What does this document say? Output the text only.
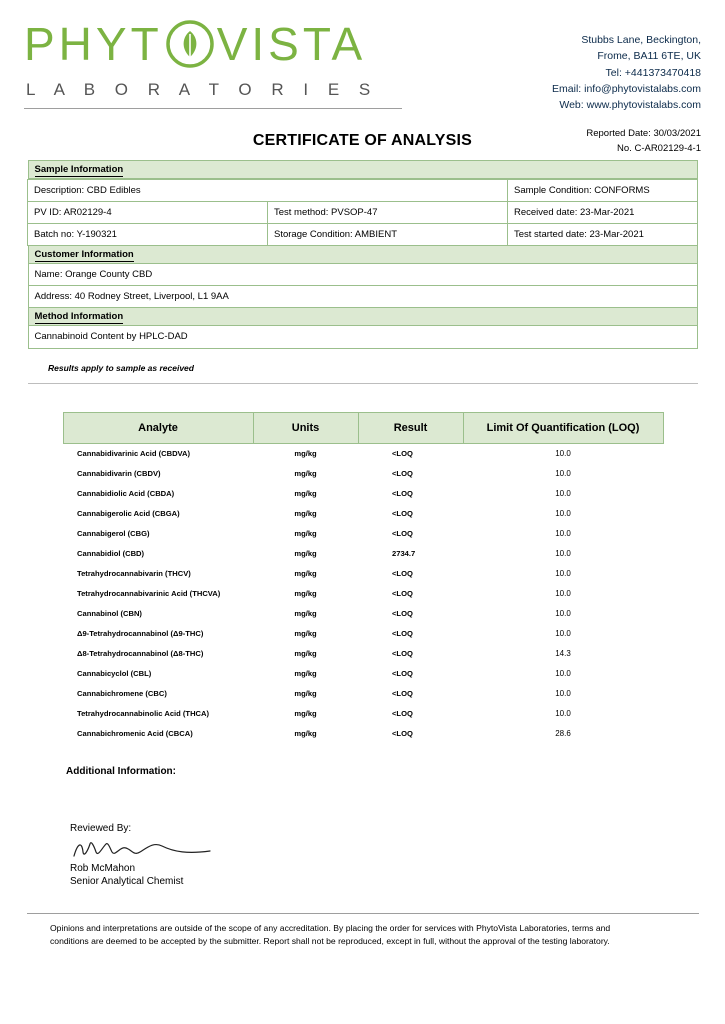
PHYT VISTA
L A B O R A T O R I E S
Stubbs Lane, Beckington,
Frome, BA11 6TE, UK
Tel: +441373470418
Email: info@phytovistalabs.com
Web: www.phytovistalabs.com
Reported Date: 30/03/2021
No. C-AR02129-4-1
CERTIFICATE OF ANALYSIS
Sample Information
Description: CBD Edibles		Sample Condition: CONFORMS
PV ID: AR02129-4	Test method: PVSOP-47	Received date: 23-Mar-2021
Batch no: Y-190321	Storage Condition: AMBIENT	Test started date: 23-Mar-2021
Customer Information
Name: Orange County CBD
Address: 40 Rodney Street, Liverpool, L1 9AA
Method Information
Cannabinoid Content by HPLC-DAD
Results apply to sample as received
Analyte	Units	Result	Limit Of Quantification (LOQ)
Cannabidivarinic Acid (CBDVA)	mg/kg	<LOQ	10.0
Cannabidivarin (CBDV)	mg/kg	<LOQ	10.0
Cannabidiolic Acid (CBDA)	mg/kg	<LOQ	10.0
Cannabigerolic Acid (CBGA)	mg/kg	<LOQ	10.0
Cannabigerol (CBG)	mg/kg	<LOQ	10.0
Cannabidiol (CBD)	mg/kg	2734.7	10.0
Tetrahydrocannabivarin (THCV)	mg/kg	<LOQ	10.0
Tetrahydrocannabivarinic Acid (THCVA)	mg/kg	<LOQ	10.0
Cannabinol (CBN)	mg/kg	<LOQ	10.0
Δ9-Tetrahydrocannabinol (Δ9-THC)	mg/kg	<LOQ	10.0
Δ8-Tetrahydrocannabinol (Δ8-THC)	mg/kg	<LOQ	14.3
Cannabicyclol (CBL)	mg/kg	<LOQ	10.0
Cannabichromene (CBC)	mg/kg	<LOQ	10.0
Tetrahydrocannabinolic Acid (THCA)	mg/kg	<LOQ	10.0
Cannabichromenic Acid (CBCA)	mg/kg	<LOQ	28.6
Additional Information:
Reviewed By:
Rob McMahon
Senior Analytical Chemist
Opinions and interpretations are outside of the scope of any accreditation. By placing the order for services with PhytoVista Laboratories, terms and conditions are deemed to be accepted by the submitter. Report shall not be reproduced, except in full, without the approval of the testing laboratory.
